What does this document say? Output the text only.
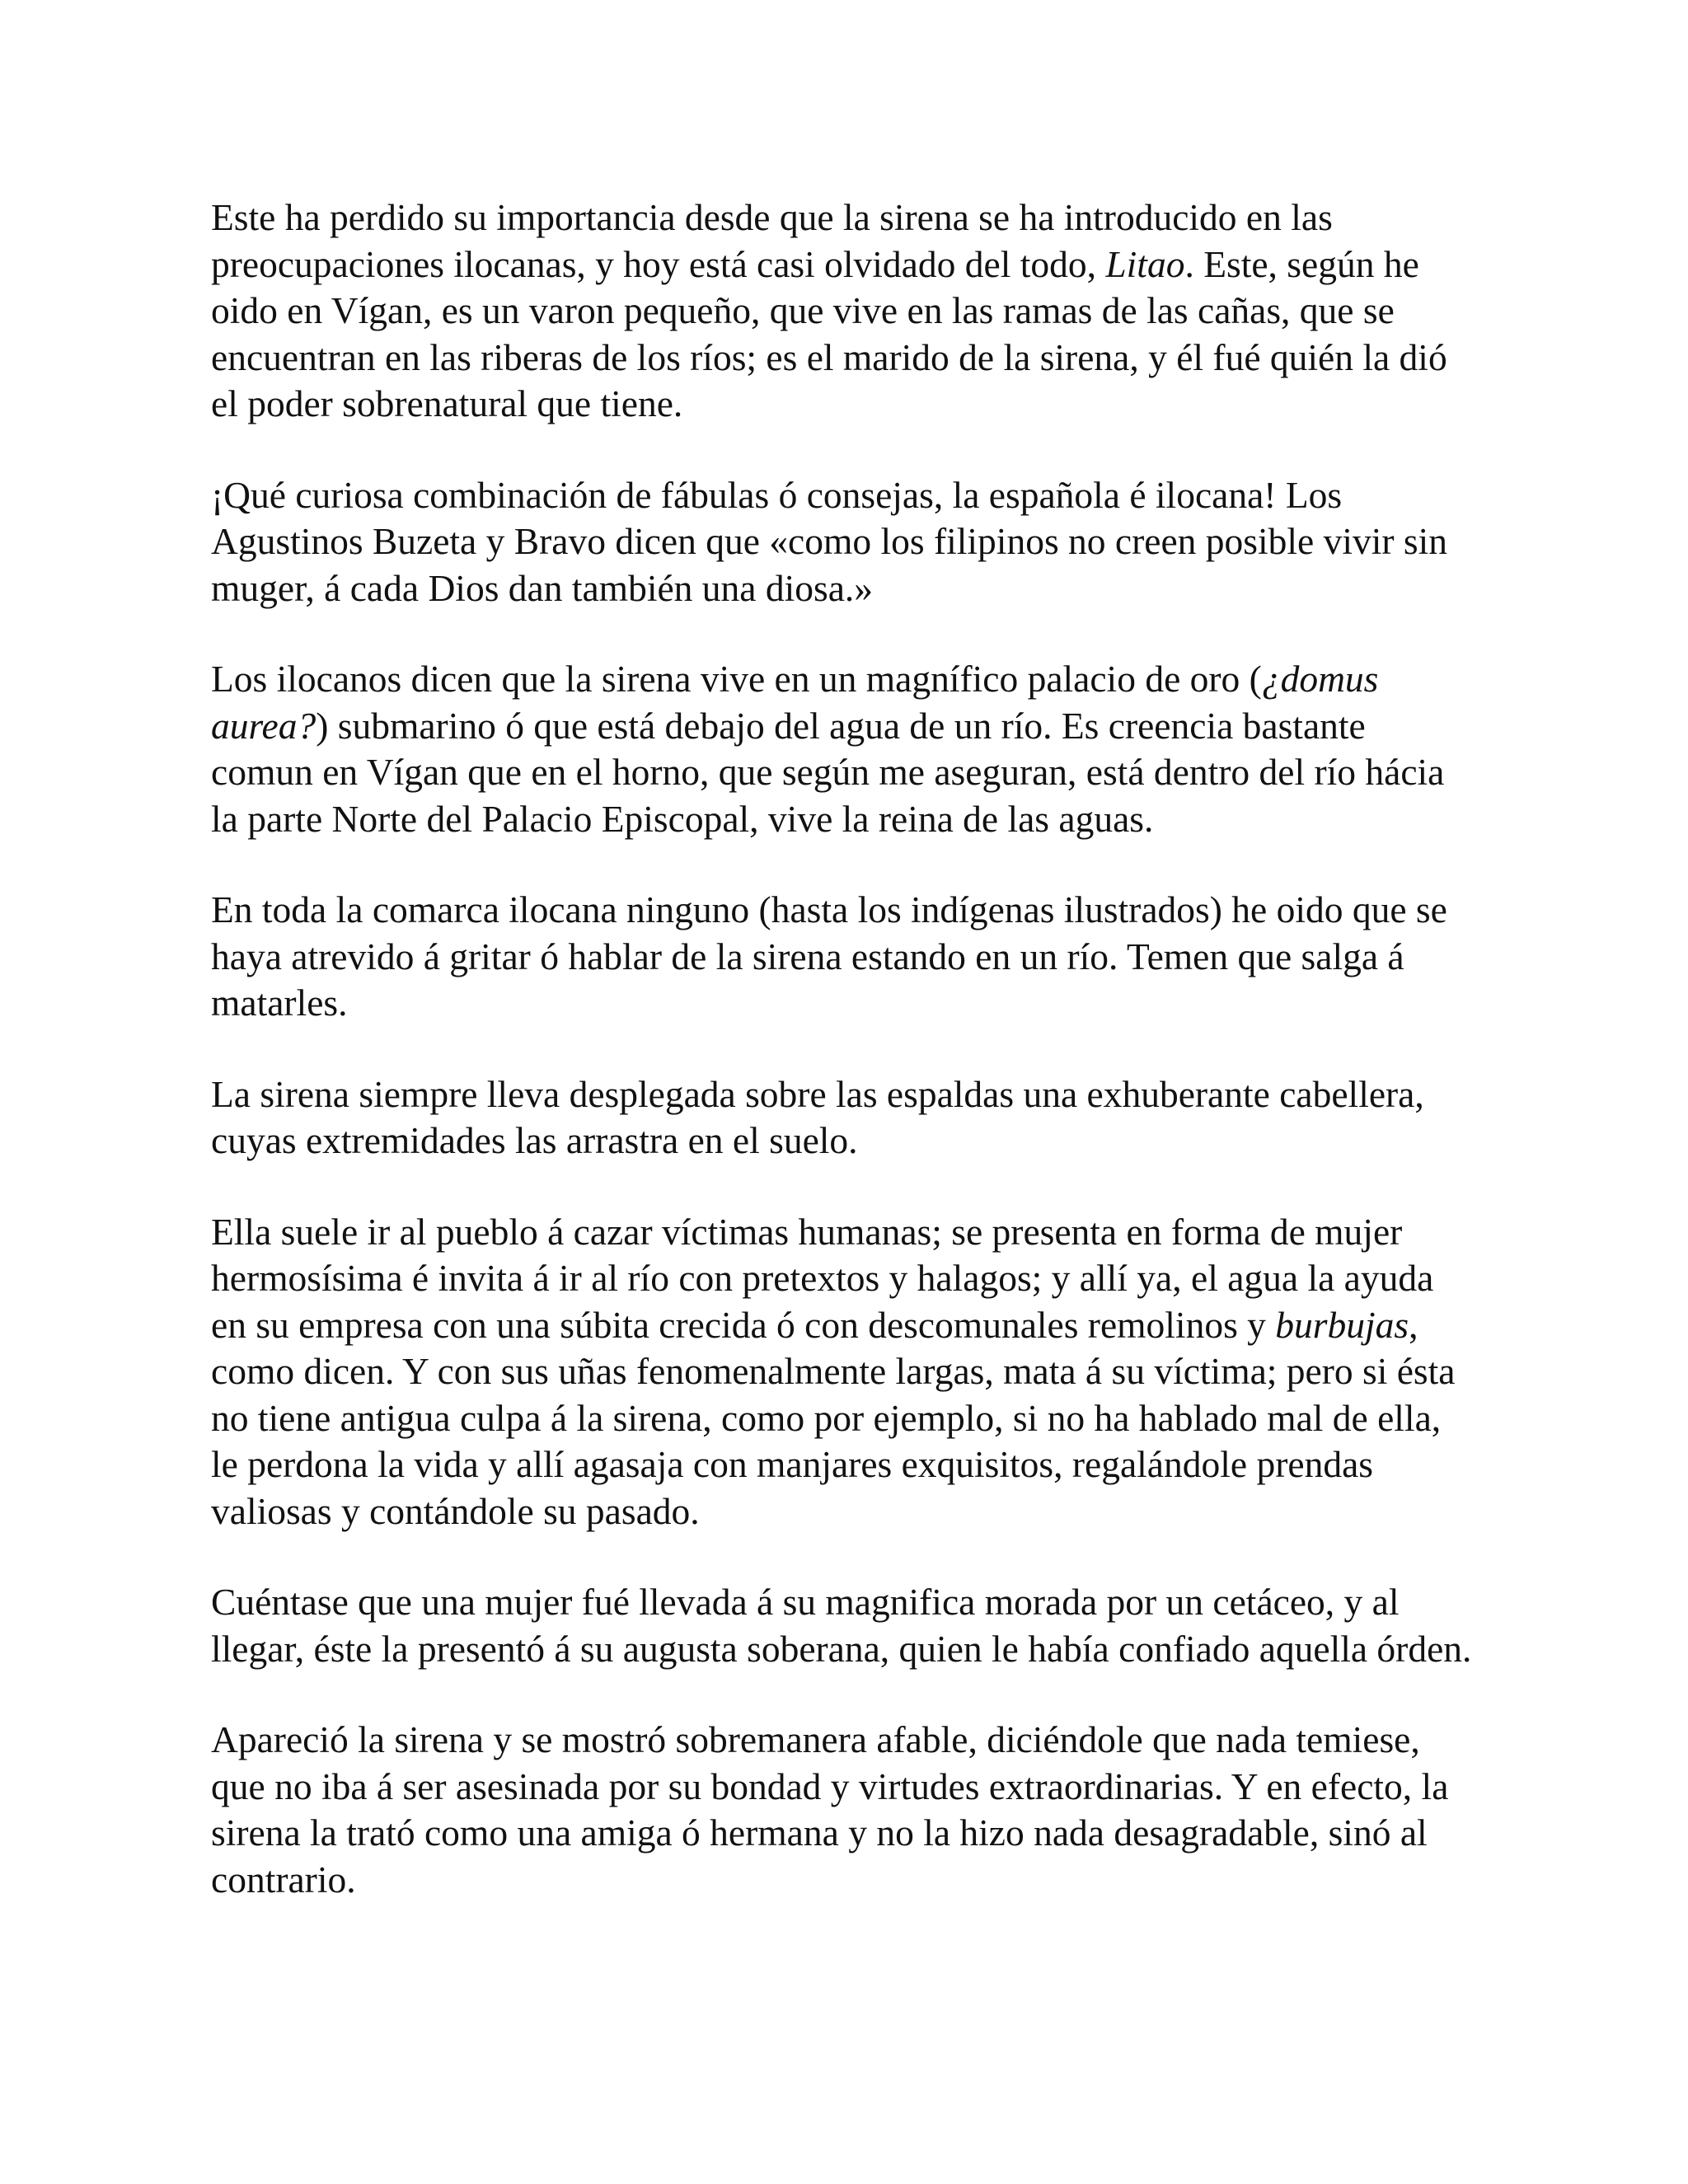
Este ha perdido su importancia desde que la sirena se ha introducido en las preocupaciones ilocanas, y hoy está casi olvidado del todo, Litao. Este, según he oido en Vígan, es un varon pequeño, que vive en las ramas de las cañas, que se encuentran en las riberas de los ríos; es el marido de la sirena, y él fué quién la dió el poder sobrenatural que tiene.

¡Qué curiosa combinación de fábulas ó consejas, la española é ilocana! Los Agustinos Buzeta y Bravo dicen que «como los filipinos no creen posible vivir sin muger, á cada Dios dan también una diosa.»

Los ilocanos dicen que la sirena vive en un magnífico palacio de oro (¿domus aurea?) submarino ó que está debajo del agua de un río. Es creencia bastante comun en Vígan que en el horno, que según me aseguran, está dentro del río hácia la parte Norte del Palacio Episcopal, vive la reina de las aguas.

En toda la comarca ilocana ninguno (hasta los indígenas ilustrados) he oido que se haya atrevido á gritar ó hablar de la sirena estando en un río. Temen que salga á matarles.

La sirena siempre lleva desplegada sobre las espaldas una exhuberante cabellera, cuyas extremidades las arrastra en el suelo.

Ella suele ir al pueblo á cazar víctimas humanas; se presenta en forma de mujer hermosísima é invita á ir al río con pretextos y halagos; y allí ya, el agua la ayuda en su empresa con una súbita crecida ó con descomunales remolinos y burbujas, como dicen. Y con sus uñas fenomenalmente largas, mata á su víctima; pero si ésta no tiene antigua culpa á la sirena, como por ejemplo, si no ha hablado mal de ella, le perdona la vida y allí agasaja con manjares exquisitos, regalándole prendas valiosas y contándole su pasado.

Cuéntase que una mujer fué llevada á su magnifica morada por un cetáceo, y al llegar, éste la presentó á su augusta soberana, quien le había confiado aquella órden.

Apareció la sirena y se mostró sobremanera afable, diciéndole que nada temiese, que no iba á ser asesinada por su bondad y virtudes extraordinarias. Y en efecto, la sirena la trató como una amiga ó hermana y no la hizo nada desagradable, sinó al contrario.
